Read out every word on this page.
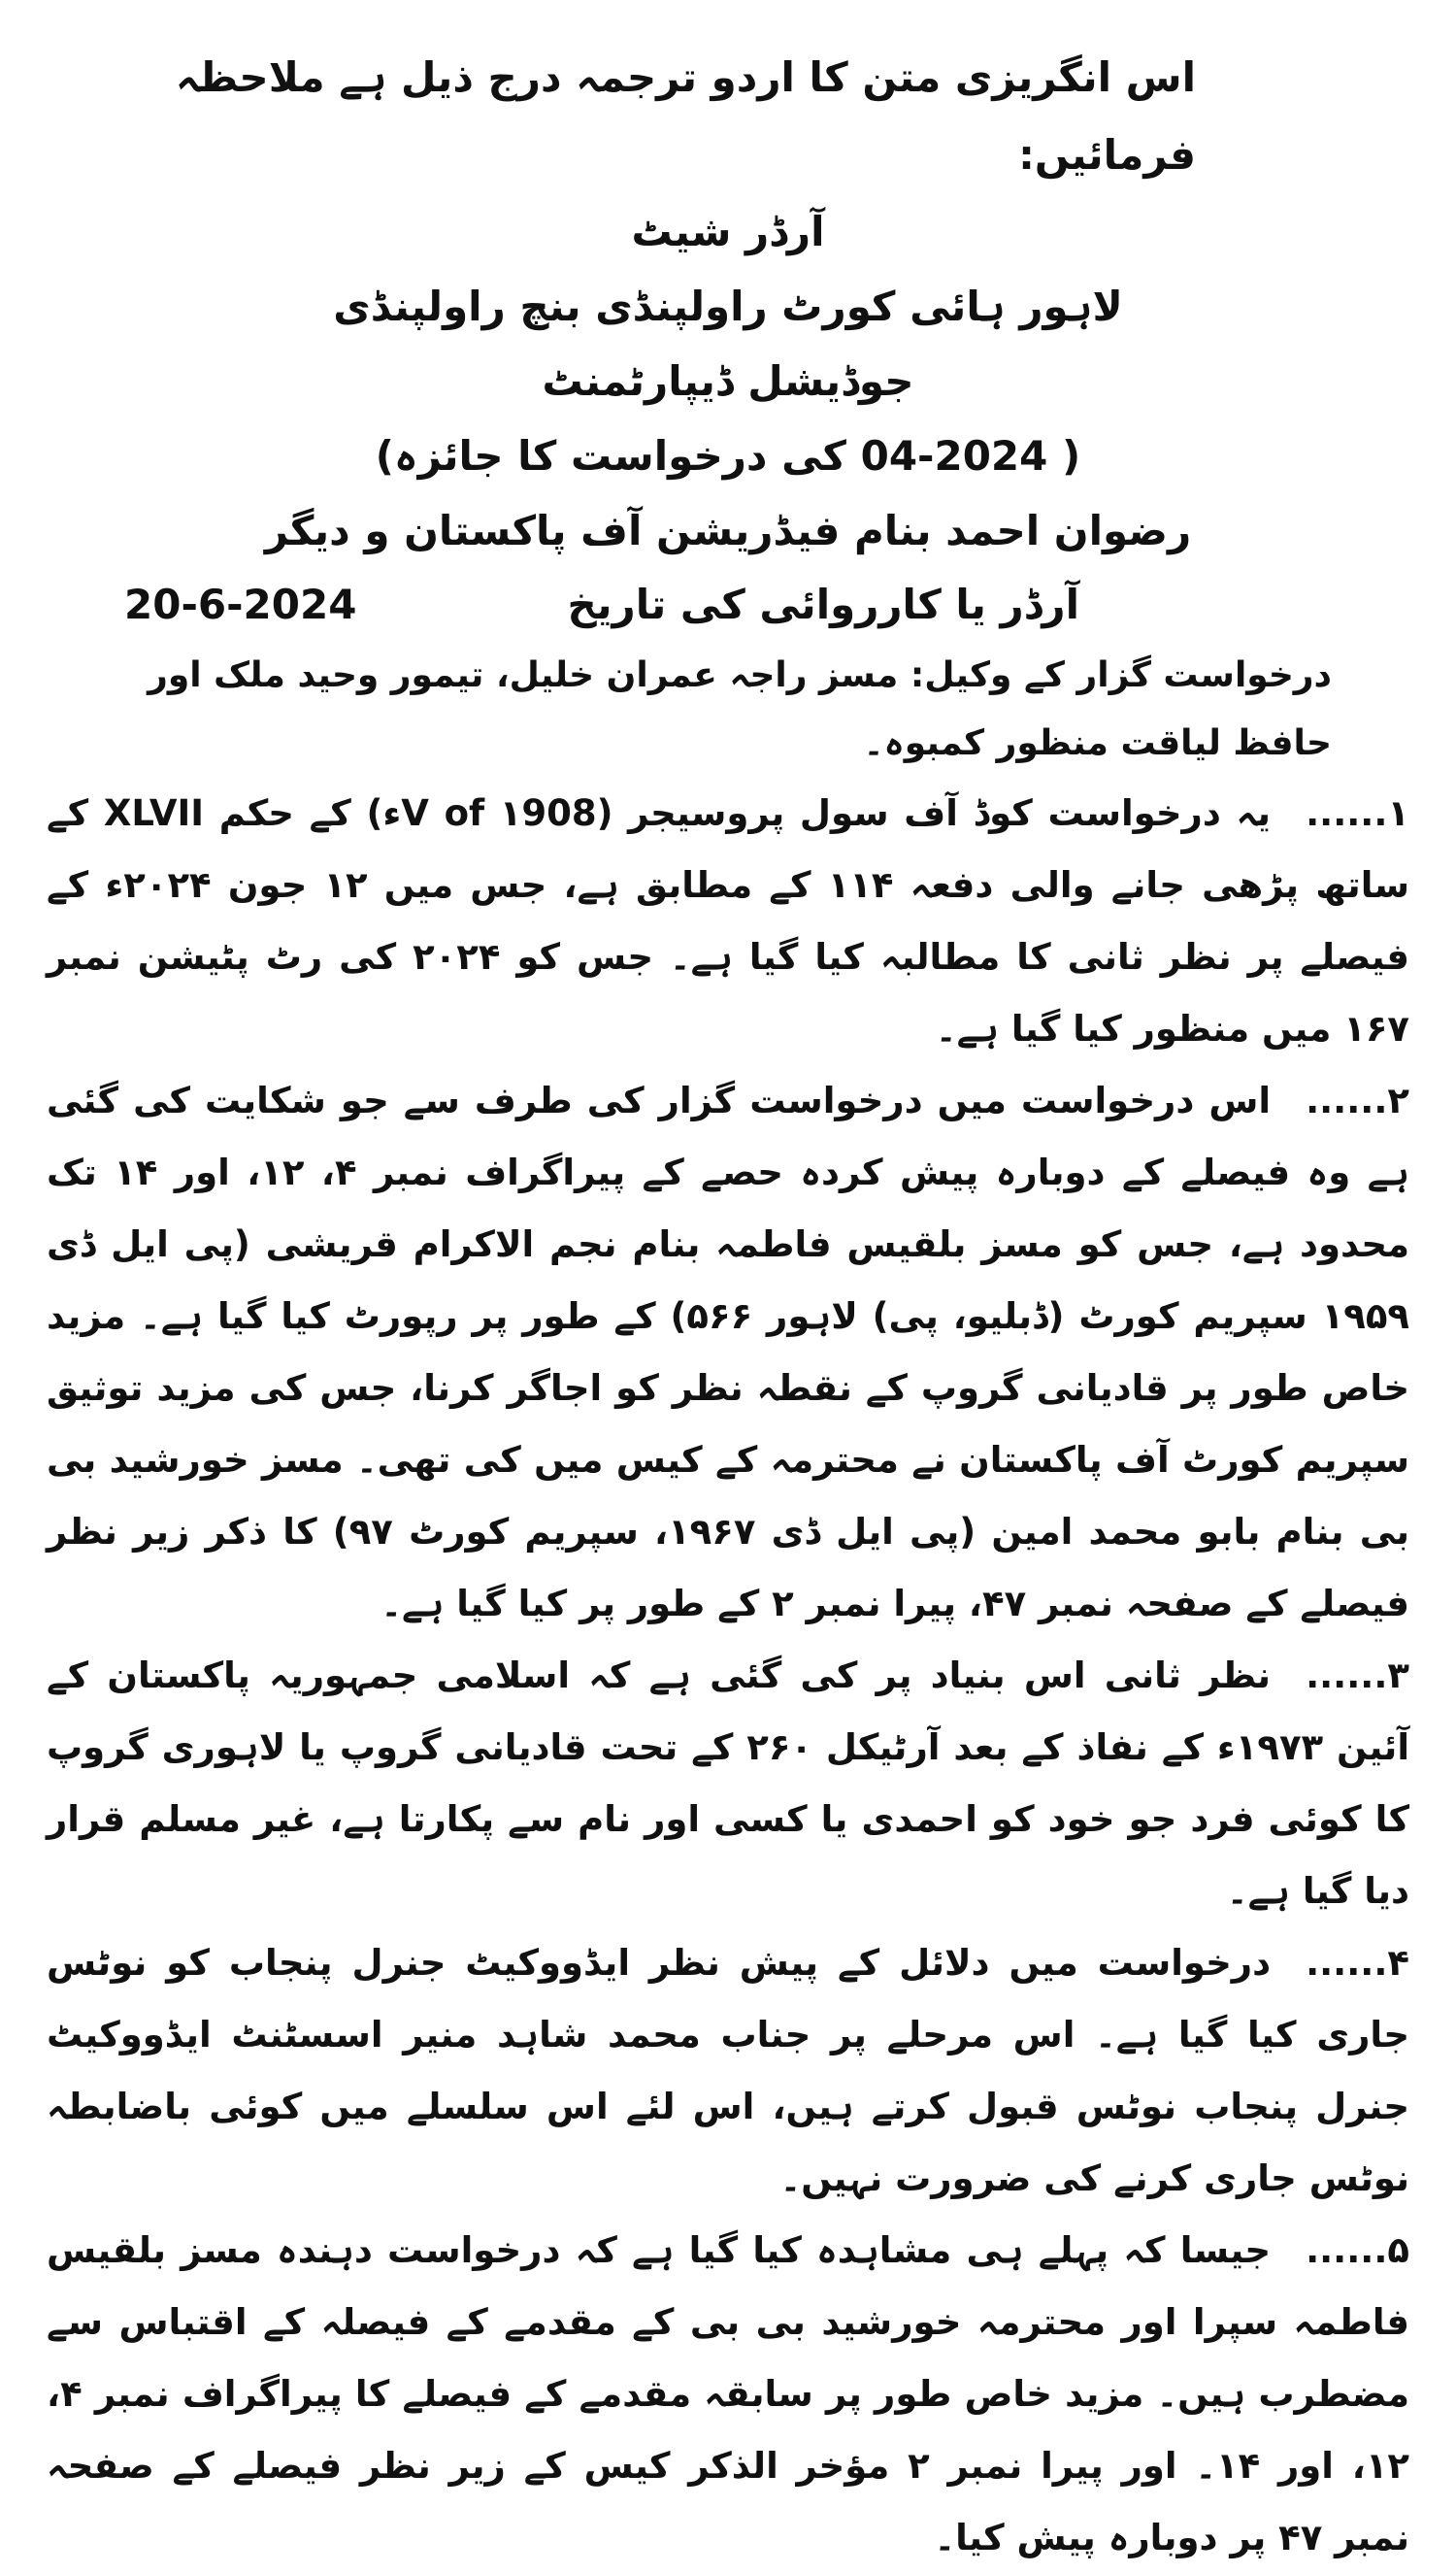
اس انگریزی متن کا اردو ترجمہ درج ذیل ہے ملاحظہ فرمائیں:
آرڈر شیٹ
لاہور ہائی کورٹ راولپنڈی بنچ راولپنڈی
جوڈیشل ڈیپارٹمنٹ
( 04-2024 کی درخواست کا جائزہ)
رضوان احمد بنام فیڈریشن آف پاکستان و دیگر
آرڈر یا کارروائی کی تاریخ
20-6-2024
درخواست گزار کے وکیل: مسز راجہ عمران خلیل، تیمور وحید ملک اور حافظ لیاقت منظور کمبوہ۔

۱......یہ درخواست کوڈ آف سول پروسیجر (V of ۱908ء) کے حکم XLVII کے ساتھ پڑھی جانے والی دفعہ ۱۱۴ کے مطابق ہے، جس میں ۱۲ جون ۲۰۲۴ء کے فیصلے پر نظر ثانی کا مطالبہ کیا گیا ہے۔ جس کو ۲۰۲۴ کی رٹ پٹیشن نمبر ۱۶۷ میں منظور کیا گیا ہے۔

۲......اس درخواست میں درخواست گزار کی طرف سے جو شکایت کی گئی ہے وہ فیصلے کے دوبارہ پیش کردہ حصے کے پیراگراف نمبر ۴، ۱۲، اور ۱۴ تک محدود ہے، جس کو مسز بلقیس فاطمہ بنام نجم الاکرام قریشی (پی ایل ڈی ۱۹۵۹ سپریم کورٹ (ڈبلیو، پی) لاہور ۵۶۶) کے طور پر رپورٹ کیا گیا ہے۔ مزید خاص طور پر قادیانی گروپ کے نقطہ نظر کو اجاگر کرنا، جس کی مزید توثیق سپریم کورٹ آف پاکستان نے محترمہ کے کیس میں کی تھی۔ مسز خورشید بی بی بنام بابو محمد امین (پی ایل ڈی ۱۹۶۷، سپریم کورٹ ۹۷) کا ذکر زیر نظر فیصلے کے صفحہ نمبر ۴۷، پیرا نمبر ۲ کے طور پر کیا گیا ہے۔

۳......نظر ثانی اس بنیاد پر کی گئی ہے کہ اسلامی جمہوریہ پاکستان کے آئین ۱۹۷۳ء کے نفاذ کے بعد آرٹیکل ۲۶۰ کے تحت قادیانی گروپ یا لاہوری گروپ کا کوئی فرد جو خود کو احمدی یا کسی اور نام سے پکارتا ہے، غیر مسلم قرار دیا گیا ہے۔

۴......درخواست میں دلائل کے پیش نظر ایڈووکیٹ جنرل پنجاب کو نوٹس جاری کیا گیا ہے۔ اس مرحلے پر جناب محمد شاہد منیر اسسٹنٹ ایڈووکیٹ جنرل پنجاب نوٹس قبول کرتے ہیں، اس لئے اس سلسلے میں کوئی باضابطہ نوٹس جاری کرنے کی ضرورت نہیں۔

۵......جیسا کہ پہلے ہی مشاہدہ کیا گیا ہے کہ درخواست دہندہ مسز بلقیس فاطمہ سپرا اور محترمہ خورشید بی بی کے مقدمے کے فیصلہ کے اقتباس سے مضطرب ہیں۔ مزید خاص طور پر سابقہ مقدمے کے فیصلے کا پیراگراف نمبر ۴، ۱۲، اور ۱۴۔ اور پیرا نمبر ۲ مؤخر الذکر کیس کے زیر نظر فیصلے کے صفحہ نمبر ۴۷ پر دوبارہ پیش کیا۔
